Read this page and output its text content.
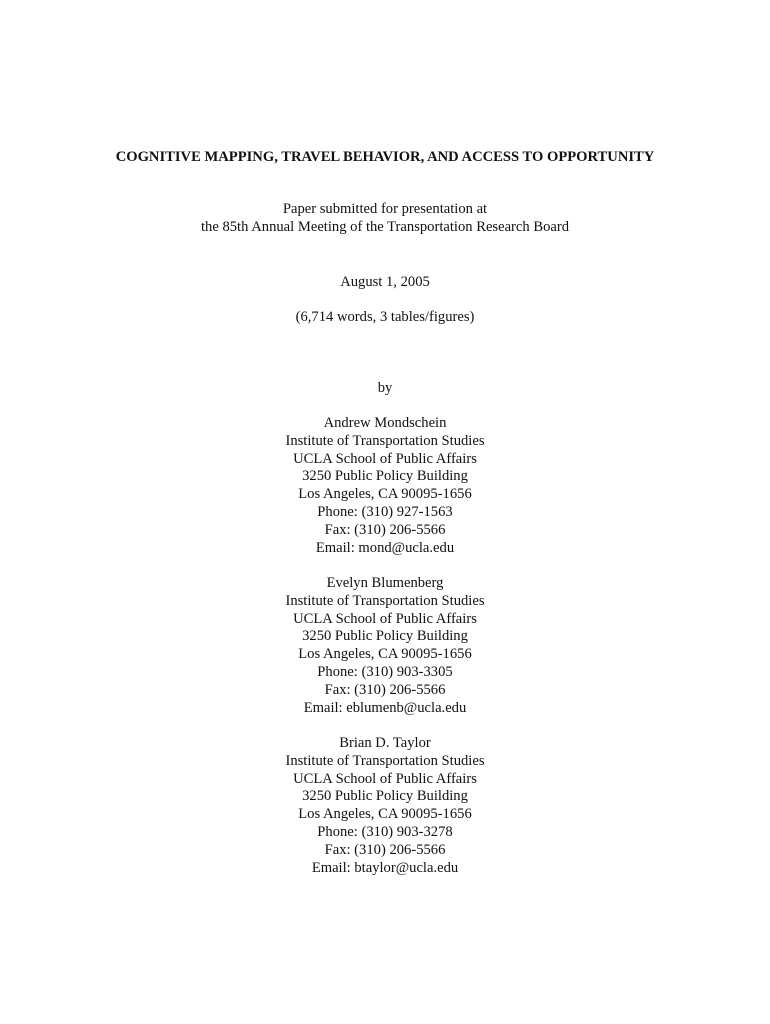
COGNITIVE MAPPING, TRAVEL BEHAVIOR, AND ACCESS TO OPPORTUNITY
Paper submitted for presentation at
the 85th Annual Meeting of the Transportation Research Board
August 1, 2005
(6,714 words, 3 tables/figures)
by
Andrew Mondschein
Institute of Transportation Studies
UCLA School of Public Affairs
3250 Public Policy Building
Los Angeles, CA 90095-1656
Phone: (310) 927-1563
Fax: (310) 206-5566
Email: mond@ucla.edu
Evelyn Blumenberg
Institute of Transportation Studies
UCLA School of Public Affairs
3250 Public Policy Building
Los Angeles, CA 90095-1656
Phone: (310) 903-3305
Fax: (310) 206-5566
Email: eblumenb@ucla.edu
Brian D. Taylor
Institute of Transportation Studies
UCLA School of Public Affairs
3250 Public Policy Building
Los Angeles, CA 90095-1656
Phone: (310) 903-3278
Fax: (310) 206-5566
Email: btaylor@ucla.edu
